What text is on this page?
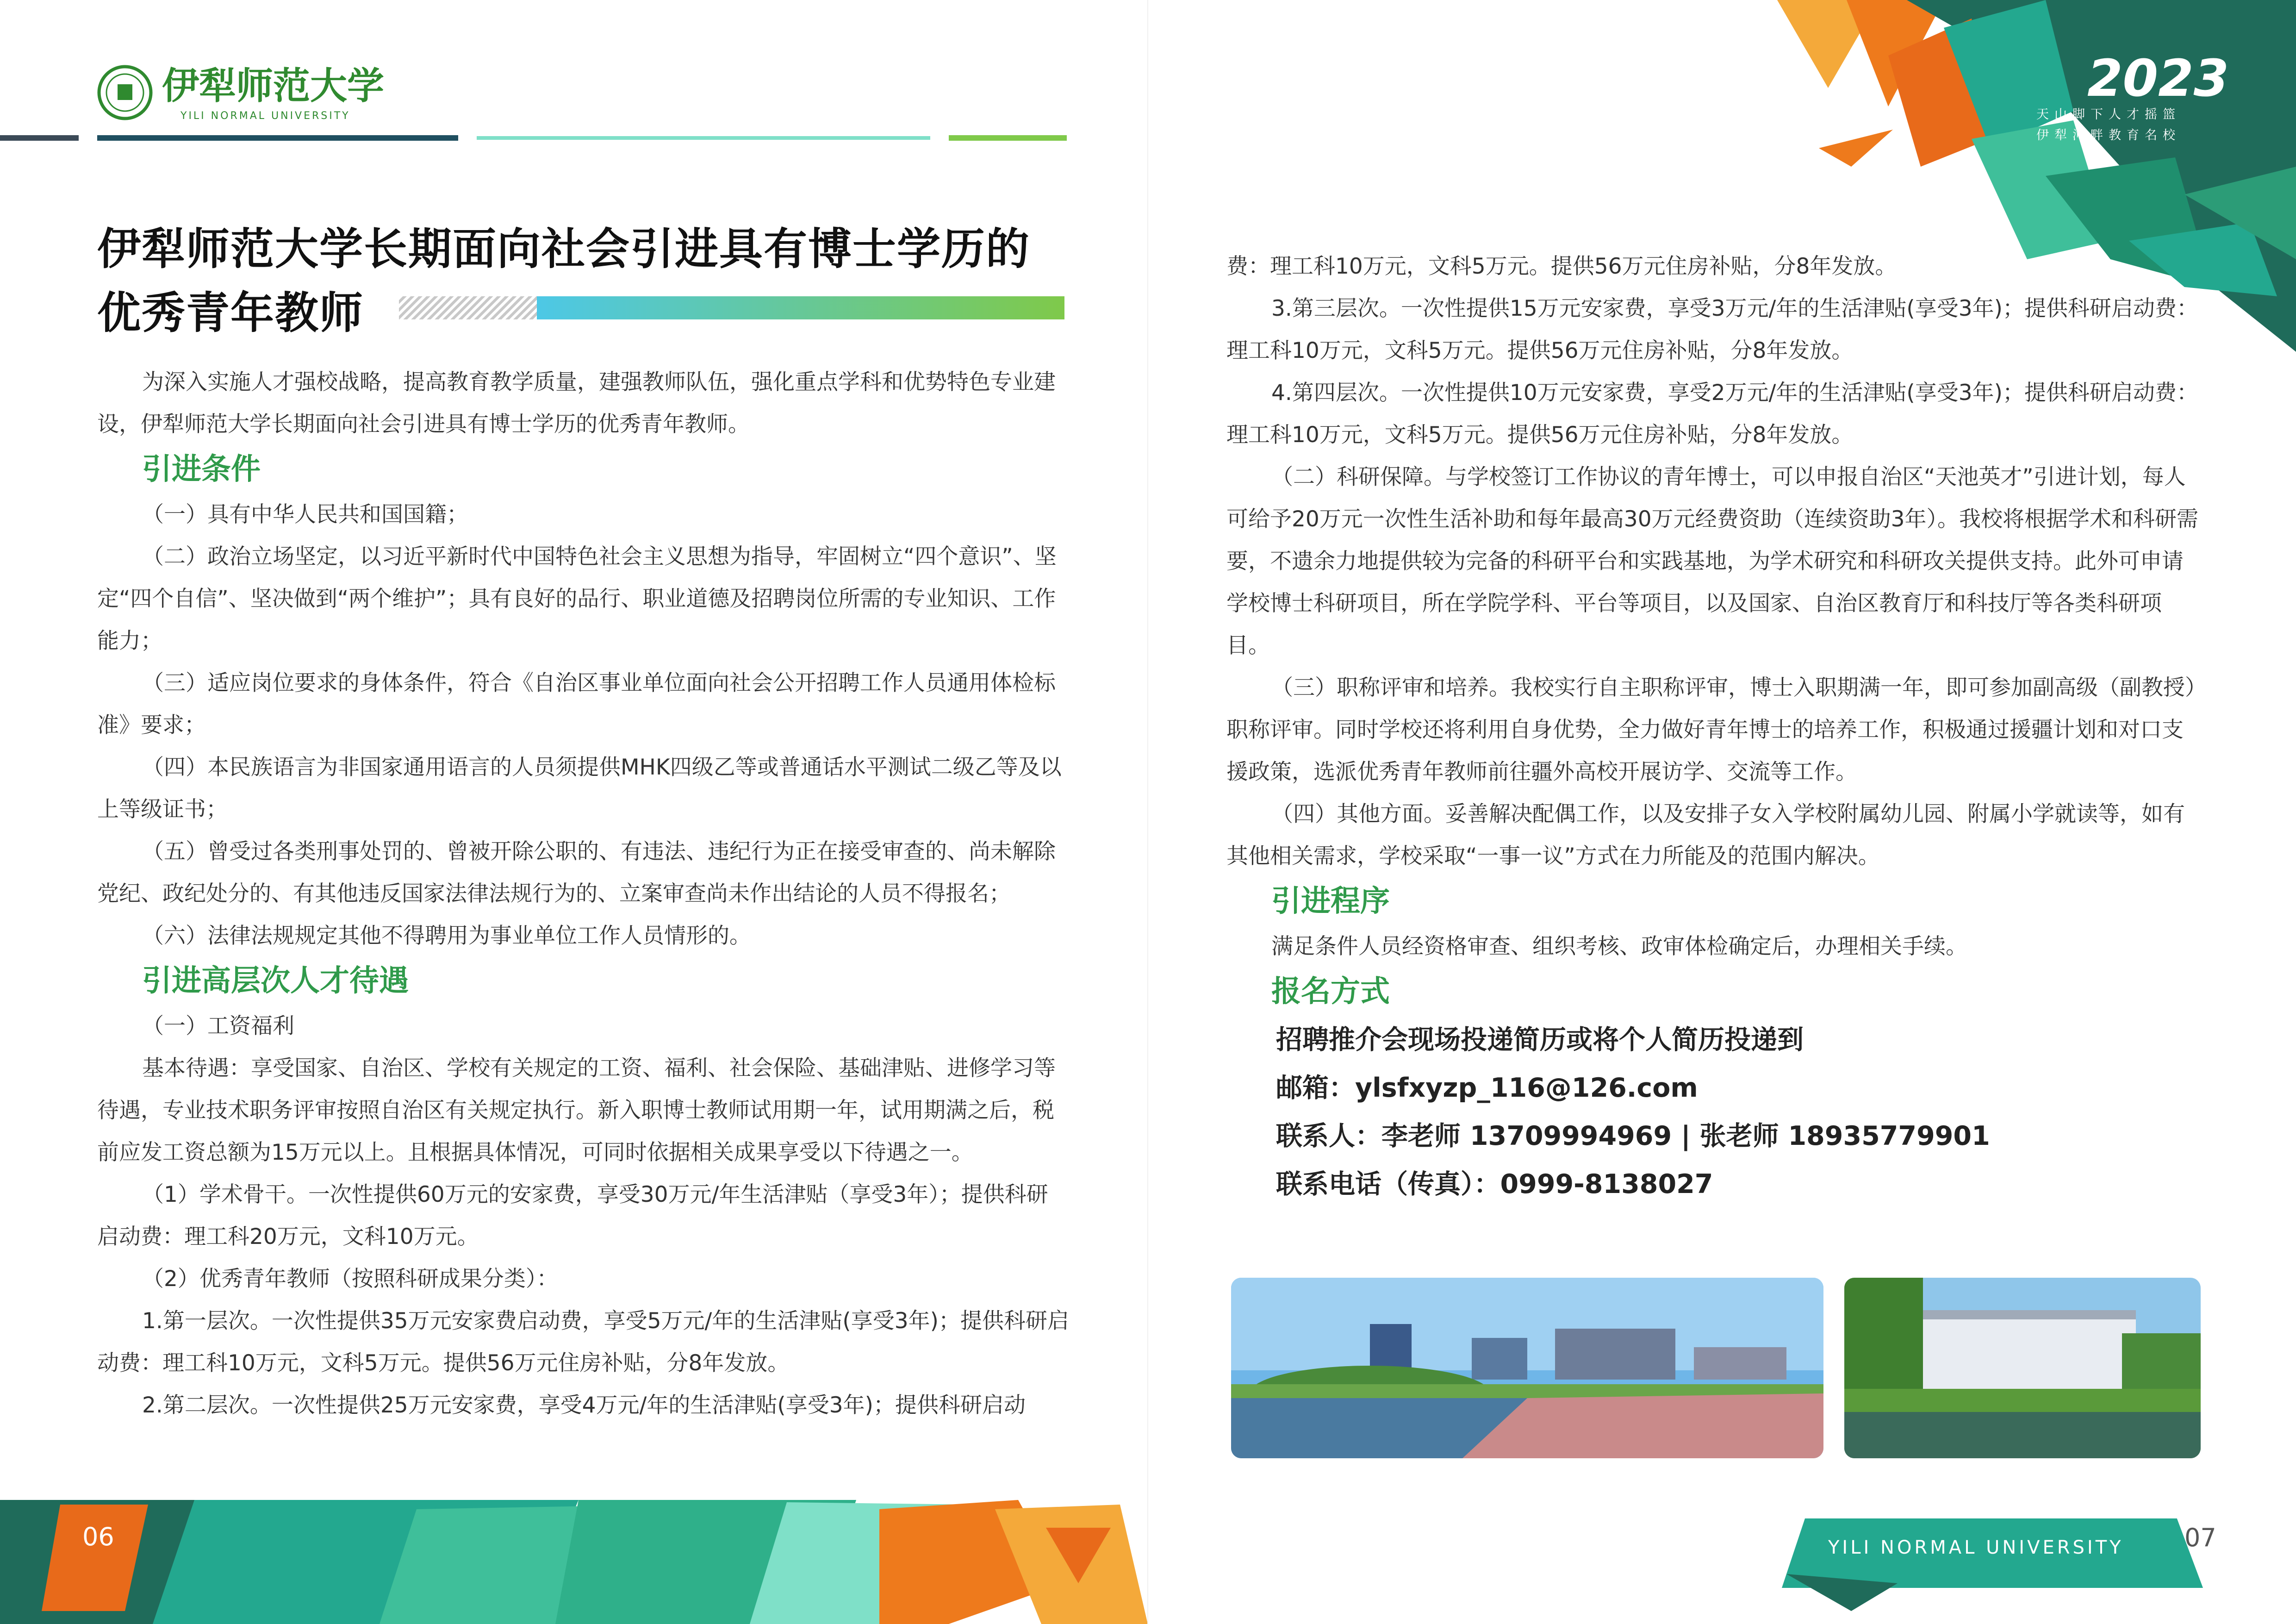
伊犁师范大学
YILI NORMAL UNIVERSITY
2023
天山脚下人才摇篮
伊犁河畔教育名校
伊犁师范大学长期面向社会引进具有博士学历的
优秀青年教师

为深入实施人才强校战略，提高教育教学质量，建强教师队伍，强化重点学科和优势特色专业建设，伊犁师范大学长期面向社会引进具有博士学历的优秀青年教师。

引进条件

（一）具有中华人民共和国国籍；

（二）政治立场坚定，以习近平新时代中国特色社会主义思想为指导，牢固树立“四个意识”、坚定“四个自信”、坚决做到“两个维护”；具有良好的品行、职业道德及招聘岗位所需的专业知识、工作能力；

（三）适应岗位要求的身体条件，符合《自治区事业单位面向社会公开招聘工作人员通用体检标准》要求；

（四）本民族语言为非国家通用语言的人员须提供MHK四级乙等或普通话水平测试二级乙等及以上等级证书；

（五）曾受过各类刑事处罚的、曾被开除公职的、有违法、违纪行为正在接受审查的、尚未解除党纪、政纪处分的、有其他违反国家法律法规行为的、立案审查尚未作出结论的人员不得报名；

（六）法律法规规定其他不得聘用为事业单位工作人员情形的。

引进高层次人才待遇

（一）工资福利

基本待遇：享受国家、自治区、学校有关规定的工资、福利、社会保险、基础津贴、进修学习等待遇，专业技术职务评审按照自治区有关规定执行。新入职博士教师试用期一年，试用期满之后，税前应发工资总额为15万元以上。且根据具体情况，可同时依据相关成果享受以下待遇之一。

（1）学术骨干。一次性提供60万元的安家费，享受30万元/年生活津贴（享受3年）；提供科研启动费：理工科20万元，文科10万元。

（2）优秀青年教师（按照科研成果分类）：

1.第一层次。一次性提供35万元安家费启动费，享受5万元/年的生活津贴(享受3年)；提供科研启动费：理工科10万元，文科5万元。提供56万元住房补贴，分8年发放。

2.第二层次。一次性提供25万元安家费，享受4万元/年的生活津贴(享受3年)；提供科研启动

费：理工科10万元，文科5万元。提供56万元住房补贴，分8年发放。

3.第三层次。一次性提供15万元安家费，享受3万元/年的生活津贴(享受3年)；提供科研启动费：理工科10万元，文科5万元。提供56万元住房补贴，分8年发放。

4.第四层次。一次性提供10万元安家费，享受2万元/年的生活津贴(享受3年)；提供科研启动费：理工科10万元，文科5万元。提供56万元住房补贴，分8年发放。

（二）科研保障。与学校签订工作协议的青年博士，可以申报自治区“天池英才”引进计划，每人可给予20万元一次性生活补助和每年最高30万元经费资助（连续资助3年）。我校将根据学术和科研需要，不遗余力地提供较为完备的科研平台和实践基地，为学术研究和科研攻关提供支持。此外可申请学校博士科研项目，所在学院学科、平台等项目，以及国家、自治区教育厅和科技厅等各类科研项目。

（三）职称评审和培养。我校实行自主职称评审，博士入职期满一年，即可参加副高级（副教授）职称评审。同时学校还将利用自身优势，全力做好青年博士的培养工作，积极通过援疆计划和对口支援政策，选派优秀青年教师前往疆外高校开展访学、交流等工作。

（四）其他方面。妥善解决配偶工作，以及安排子女入学校附属幼儿园、附属小学就读等，如有其他相关需求，学校采取“一事一议”方式在力所能及的范围内解决。

引进程序

满足条件人员经资格审查、组织考核、政审体检确定后，办理相关手续。

报名方式

招聘推介会现场投递简历或将个人简历投递到

邮箱：ylsfxyzp_116@126.com

联系人：李老师 13709994969 | 张老师 18935779901

联系电话（传真）：0999-8138027

06	YILI NORMAL UNIVERSITY 07
